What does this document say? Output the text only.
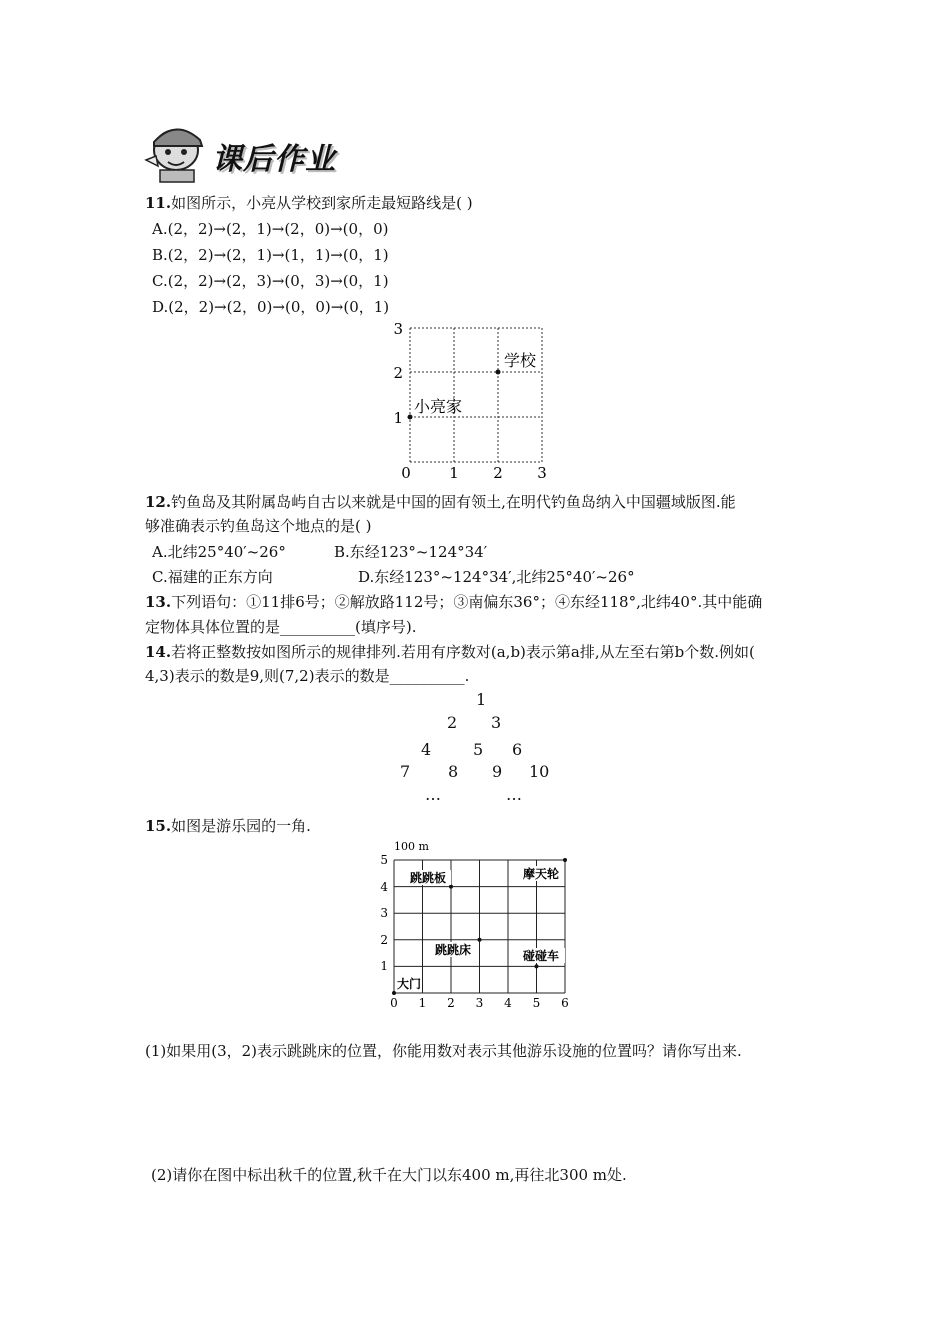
课后作业
11.如图所示，小亮从学校到家所走最短路线是( )
A.(2，2)→(2，1)→(2，0)→(0，0)
B.(2，2)→(2，1)→(1，1)→(0，1)
C.(2，2)→(2，3)→(0，3)→(0，1)
D.(2，2)→(2，0)→(0，0)→(0，1)
学校
小亮家
0	1 2 3
1
2
3
12.钓鱼岛及其附属岛屿自古以来就是中国的固有领土,在明代钓鱼岛纳入中国疆域版图.能
够准确表示钓鱼岛这个地点的是( )
A.北纬25°40′~26°	B.东经123°~124°34′
C.福建的正东方向	D.东经123°~124°34′,北纬25°40′~26°
13.下列语句：①11排6号；②解放路112号；③南偏东36°；④东经118°,北纬40°.其中能确
定物体具体位置的是__________(填序号).
14.若将正整数按如图所示的规律排列.若用有序数对(a,b)表示第a排,从左至右第b个数.例如(
4,3)表示的数是9,则(7,2)表示的数是__________.
1
2 3
4	5 6
7 8 9 10
…	…
15.如图是游乐园的一角.
100 m
跳跳板	摩天轮
跳跳床	碰碰车
大门
0 1 2 3 4 5 6
1
2
3
4
5
(1)如果用(3，2)表示跳跳床的位置，你能用数对表示其他游乐设施的位置吗？请你写出来.
(2)请你在图中标出秋千的位置,秋千在大门以东400 m,再往北300 m处.
